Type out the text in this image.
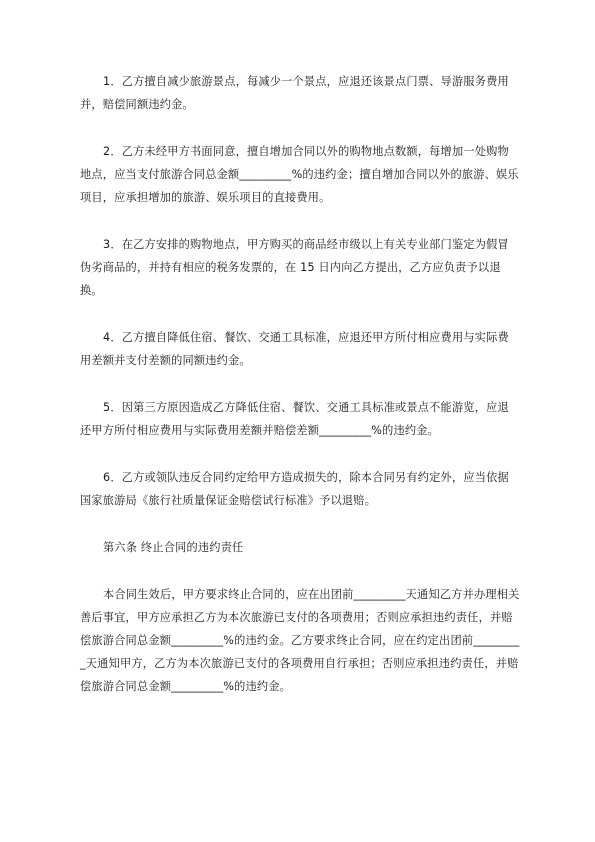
1．乙方擅自减少旅游景点，每减少一个景点，应退还该景点门票、导游服务费用并，赔偿同额违约金。

2．乙方未经甲方书面同意，擅自增加合同以外的购物地点数额，每增加一处购物地点，应当支付旅游合同总金额_________%的违约金；擅自增加合同以外的旅游、娱乐项目，应承担增加的旅游、娱乐项目的直接费用。

3．在乙方安排的购物地点，甲方购买的商品经市级以上有关专业部门鉴定为假冒伪劣商品的，并持有相应的税务发票的，在 15 日内向乙方提出，乙方应负责予以退换。

4．乙方擅自降低住宿、餐饮、交通工具标准，应退还甲方所付相应费用与实际费用差额并支付差额的同额违约金。

5．因第三方原因造成乙方降低住宿、餐饮、交通工具标准或景点不能游览，应退还甲方所付相应费用与实际费用差额并赔偿差额_________%的违约金。

6．乙方或领队违反合同约定给甲方造成损失的，除本合同另有约定外，应当依据国家旅游局《旅行社质量保证金赔偿试行标准》予以退赔。

第六条 终止合同的违约责任

本合同生效后，甲方要求终止合同的，应在出团前_________天通知乙方并办理相关善后事宜，甲方应承担乙方为本次旅游已支付的各项费用；否则应承担违约责任，并赔偿旅游合同总金额_________%的违约金。乙方要求终止合同，应在约定出团前_________天通知甲方，乙方为本次旅游已支付的各项费用自行承担；否则应承担违约责任，并赔偿旅游合同总金额_________%的违约金。
